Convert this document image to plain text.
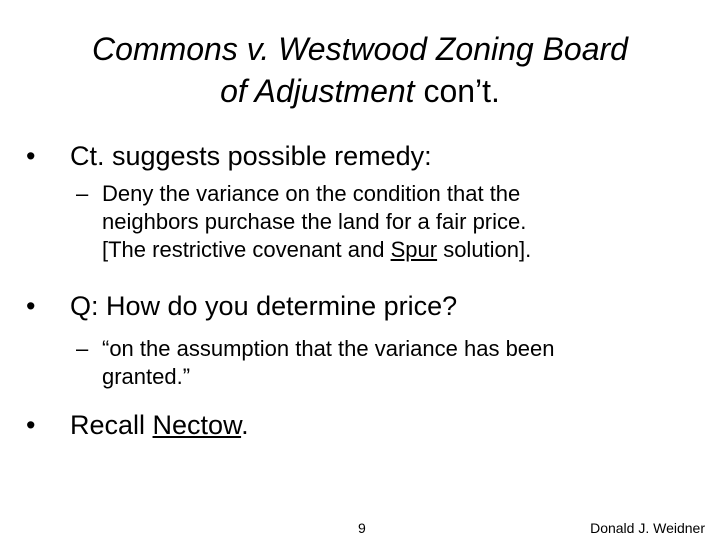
Commons v. Westwood Zoning Board
of Adjustment con’t.
• Ct. suggests possible remedy:
– Deny the variance on the condition that the
neighbors purchase the land for a fair price.
[The restrictive covenant and Spur solution].
• Q: How do you determine price?
– “on the assumption that the variance has been
granted.”
• Recall Nectow.
9	Donald J. Weidner
